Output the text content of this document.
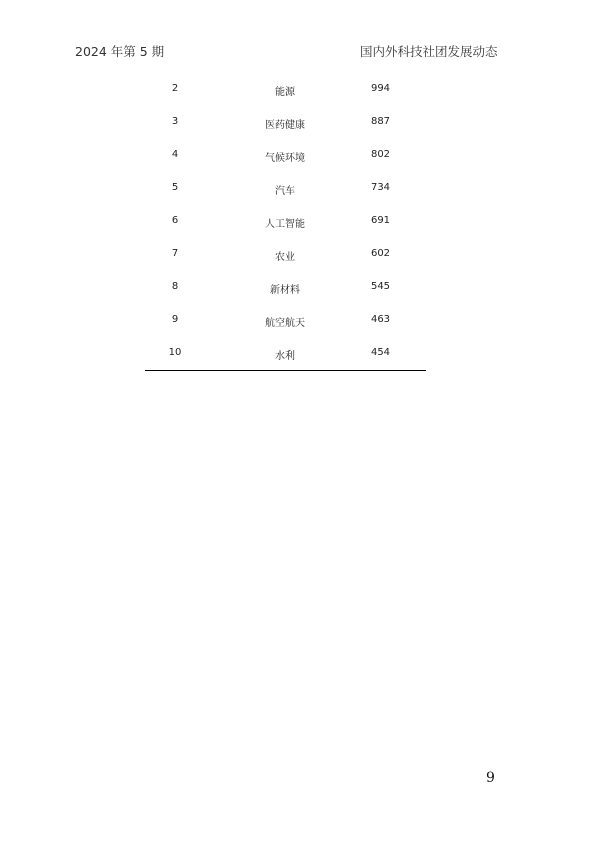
2024 年第 5 期	国内外科技社团发展动态
2	能源	994
3	医药健康	887
4	气候环境	802
5	汽车	734
6	人工智能	691
7	农业	602
8	新材料	545
9	航空航天	463
10	水利	454
9
